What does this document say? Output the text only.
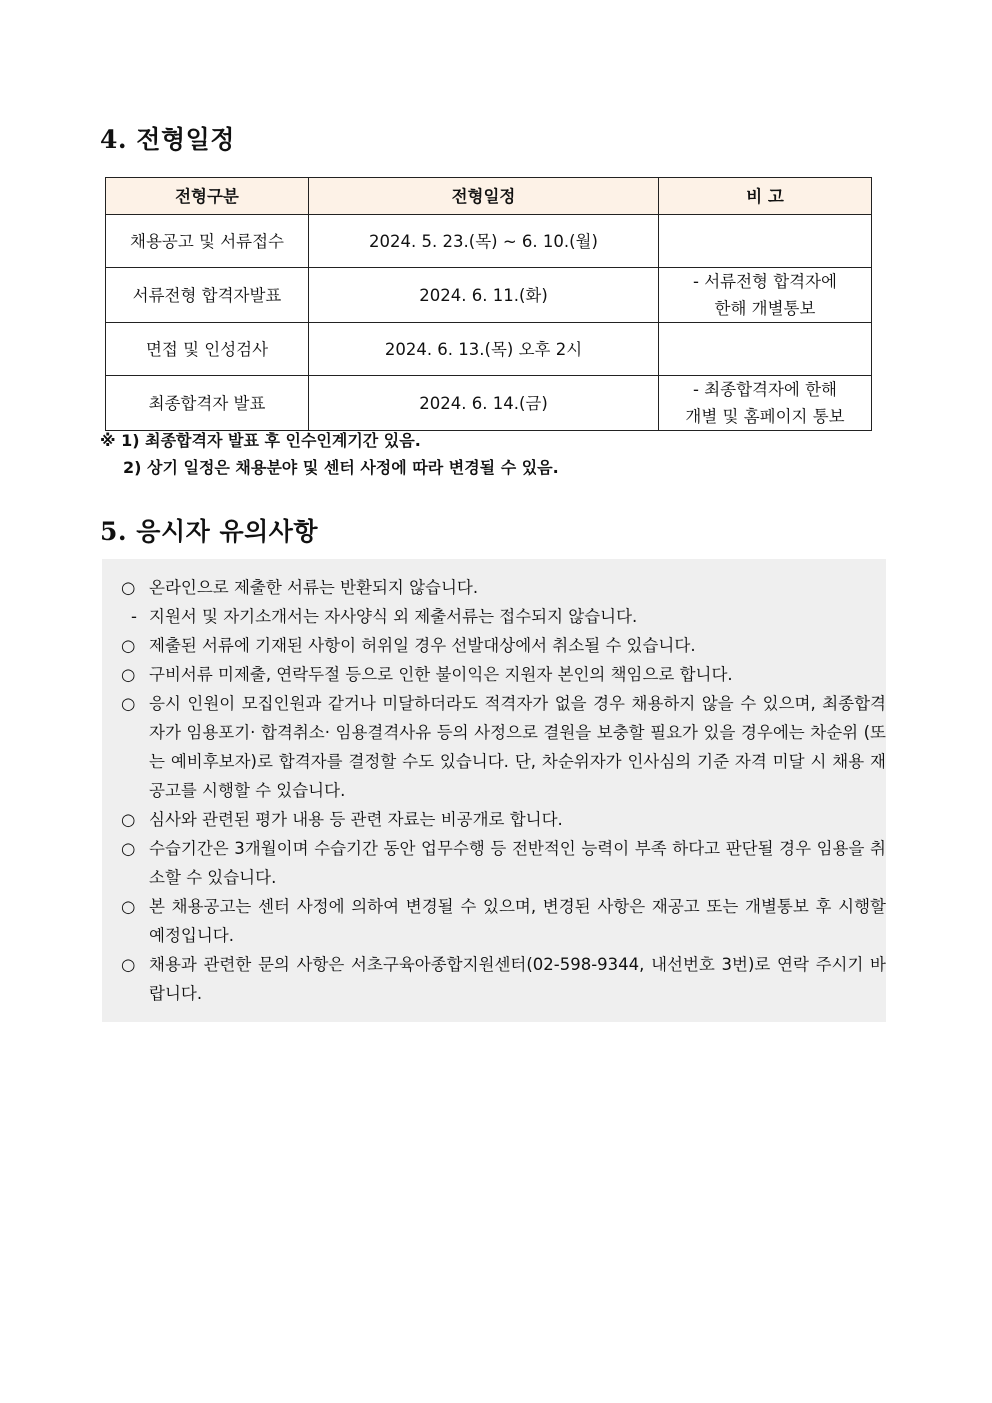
4. 전형일정
전형구분	전형일정	비 고
채용공고 및 서류접수	2024. 5. 23.(목) ~ 6. 10.(월)	
서류전형 합격자발표	2024. 6. 11.(화)	- 서류전형 합격자에
한해 개별통보

면접 및 인성검사	2024. 6. 13.(목) 오후 2시	
최종합격자 발표	2024. 6. 14.(금)	- 최종합격자에 한해
개별 및 홈페이지 통보
※ 1) 최종합격자 발표 후 인수인계기간 있음.
2) 상기 일정은 채용분야 및 센터 사정에 따라 변경될 수 있음.
5. 응시자 유의사항
○ 온라인으로 제출한 서류는 반환되지 않습니다.
- 지원서 및 자기소개서는 자사양식 외 제출서류는 접수되지 않습니다.
○ 제출된 서류에 기재된 사항이 허위일 경우 선발대상에서 취소될 수 있습니다.
○ 구비서류 미제출, 연락두절 등으로 인한 불이익은 지원자 본인의 책임으로 합니다.
○ 응시 인원이 모집인원과 같거나 미달하더라도 적격자가 없을 경우 채용하지 않을 수 있으며, 최종합격자가 임용포기· 합격취소· 임용결격사유 등의 사정으로 결원을 보충할 필요가 있을 경우에는 차순위 (또는 예비후보자)로 합격자를 결정할 수도 있습니다. 단, 차순위자가 인사심의 기준 자격 미달 시 채용 재공고를 시행할 수 있습니다.
○ 심사와 관련된 평가 내용 등 관련 자료는 비공개로 합니다.
○ 수습기간은 3개월이며 수습기간 동안 업무수행 등 전반적인 능력이 부족 하다고 판단될 경우 임용을 취소할 수 있습니다.
○ 본 채용공고는 센터 사정에 의하여 변경될 수 있으며, 변경된 사항은 재공고 또는 개별통보 후 시행할 예정입니다.
○ 채용과 관련한 문의 사항은 서초구육아종합지원센터(02-598-9344, 내선번호 3번)로 연락 주시기 바랍니다.
